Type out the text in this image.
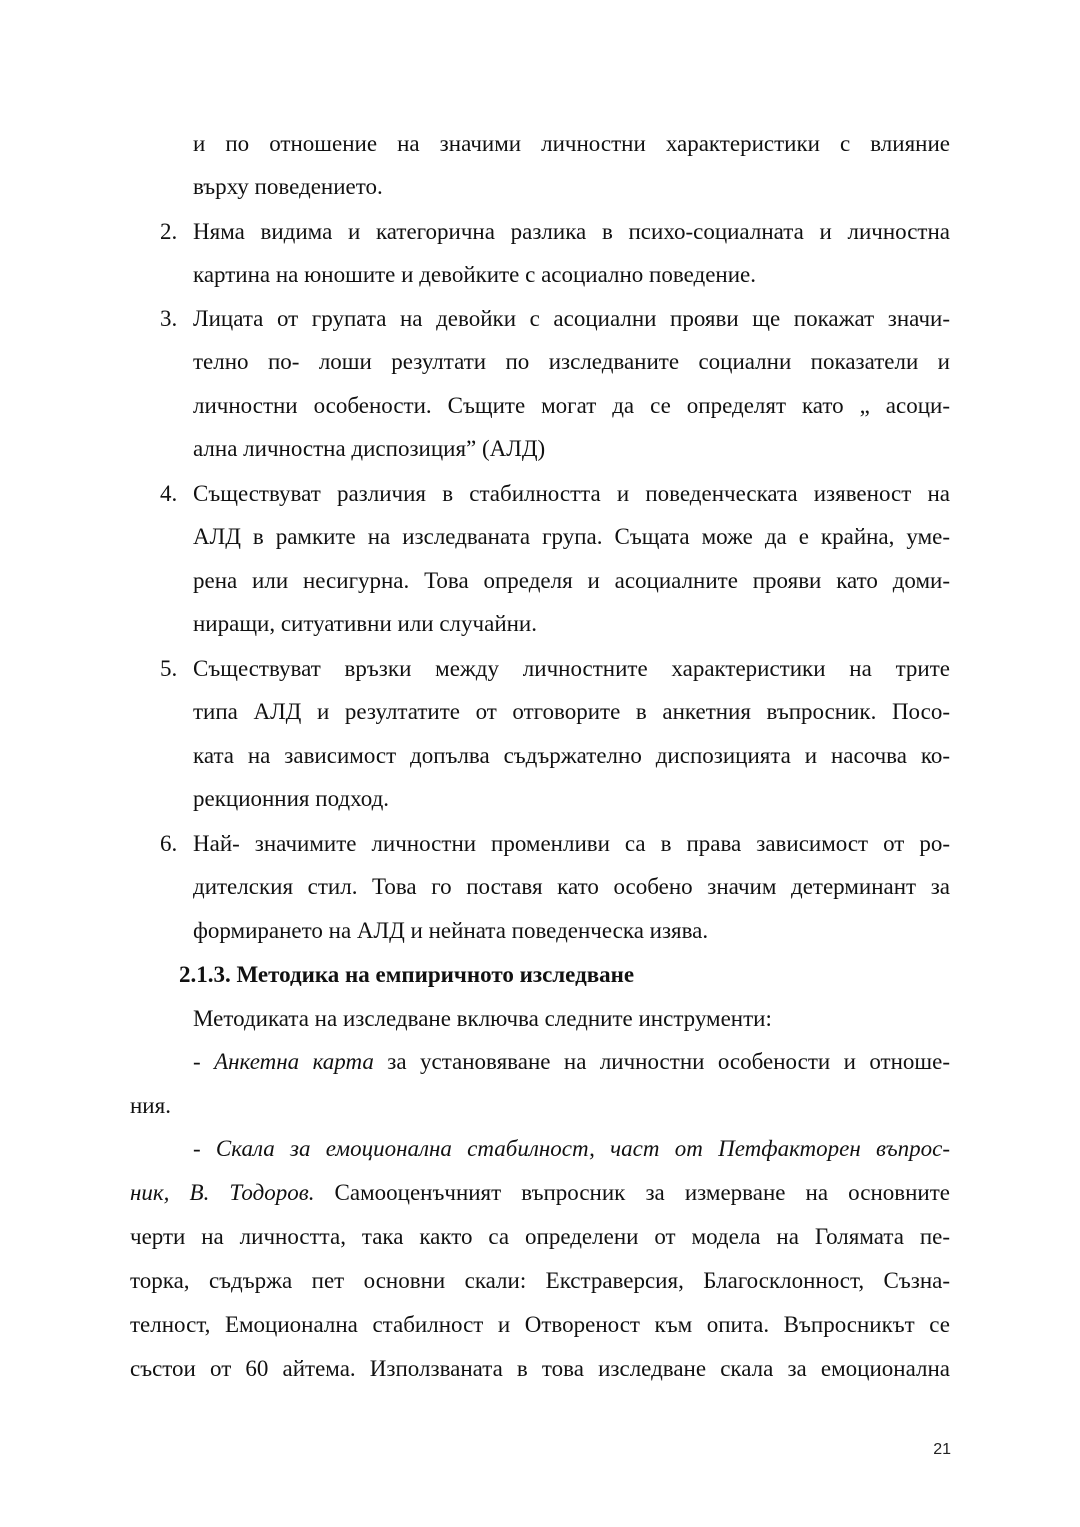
и по отношение на значими личностни характеристики с влияние
върху поведението.
2. Няма видима и категорична разлика в психо-социалната и личностна
картина на юношите и девойките с асоциално поведение.
3. Лицата от групата на девойки с асоциални прояви ще покажат значи-
телно по- лоши резултати по изследваните социални показатели и
личностни особености. Същите могат да се определят като „ асоци-
ална личностна диспозиция” (АЛД)
4. Съществуват различия в стабилността и поведенческата изявеност на
АЛД в рамките на изследваната група. Същата може да е крайна, уме-
рена или несигурна. Това определя и асоциалните прояви като доми-
ниращи, ситуативни или случайни.
5. Съществуват връзки между личностните характеристики на трите
типа АЛД и резултатите от отговорите в анкетния въпросник. Посо-
ката на зависимост допълва съдържателно диспозицията и насочва ко-
рекционния подход.
6. Най- значимите личностни променливи са в права зависимост от ро-
дителския стил. Това го поставя като особено значим детерминант за
формирането на АЛД и нейната поведенческа изява.
2.1.3. Методика на емпиричното изследване
Методиката на изследване включва следните инструменти:
- Анкетна карта за установяване на личностни особености и отноше-
ния.
- Скала за емоционална стабилност, част от Петфакторен въпрос-
ник, В. Тодоров. Самооценъчният въпросник за измерване на основните
черти на личността, така както са определени от модела на Голямата пе-
торка, съдържа пет основни скали: Екстраверсия, Благосклонност, Съзна-
телност, Емоционална стабилност и Отвореност към опита. Въпросникът се
състои от 60 айтема. Използваната в това изследване скала за емоционална
21
